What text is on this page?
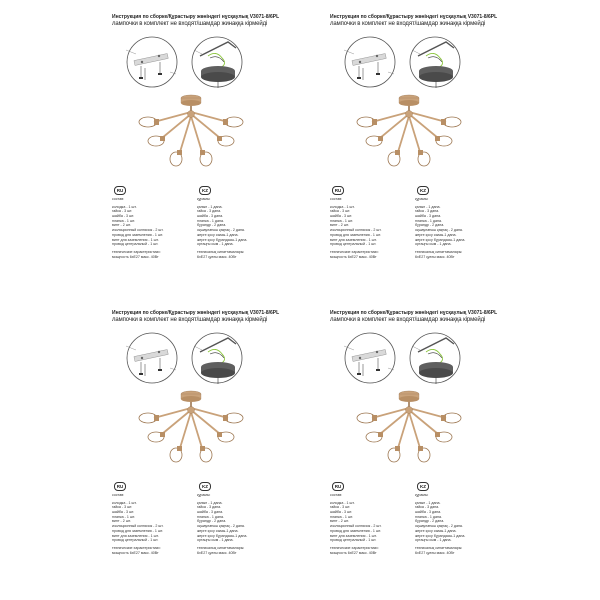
Инструкция по сборке/Құрастыру жөніндегі нұсқаулық V3071-8/6PL
лампочки в комплект не входят/шамдар жинаққа кірмейді
RU	KZ
состав:
колодка - 1 шт.
гайка - 3 шт.
шайба - 3 шт.
планка - 1 шт.
винт - 2 шт.
изоляционный колпачок - 2 шт.
провод для заземления - 1 шт.
винт для заземления - 1 шт.
провод центральный - 1 шт.
технические характеристики:
мощность 6хE27 макс. 40Вт
құрамы:
қалып - 1 дана.
гайка - 3 дана.
шайба - 3 дана.
планка - 1 дана.
бұрандр - 2 дана.
оқшаулағыш қақпақ - 2 дана.
жерге қосу сымы-1 дана.
жерге қосу бұрандасы-1 дана.
ортаңғы сым - 1 дана.
техникалық сипаттамалары:
6хE27 қуаты макс. 40Вт
Инструкция по сборке/Құрастыру жөніндегі нұсқаулық V3071-8/6PL
лампочки в комплект не входят/шамдар жинаққа кірмейді
RU	KZ
состав:
колодка - 1 шт.
гайка - 3 шт.
шайба - 3 шт.
планка - 1 шт.
винт - 2 шт.
изоляционный колпачок - 2 шт.
провод для заземления - 1 шт.
винт для заземления - 1 шт.
провод центральный - 1 шт.
технические характеристики:
мощность 6хE27 макс. 40Вт
құрамы:
қалып - 1 дана.
гайка - 3 дана.
шайба - 3 дана.
планка - 1 дана.
бұрандр - 2 дана.
оқшаулағыш қақпақ - 2 дана.
жерге қосу сымы-1 дана.
жерге қосу бұрандасы-1 дана.
ортаңғы сым - 1 дана.
техникалық сипаттамалары:
6хE27 қуаты макс. 40Вт
Инструкция по сборке/Құрастыру жөніндегі нұсқаулық V3071-8/6PL
лампочки в комплект не входят/шамдар жинаққа кірмейді
RU	KZ
состав:
колодка - 1 шт.
гайка - 3 шт.
шайба - 3 шт.
планка - 1 шт.
винт - 2 шт.
изоляционный колпачок - 2 шт.
провод для заземления - 1 шт.
винт для заземления - 1 шт.
провод центральный - 1 шт.
технические характеристики:
мощность 6хE27 макс. 40Вт
құрамы:
қалып - 1 дана.
гайка - 3 дана.
шайба - 3 дана.
планка - 1 дана.
бұрандр - 2 дана.
оқшаулағыш қақпақ - 2 дана.
жерге қосу сымы-1 дана.
жерге қосу бұрандасы-1 дана.
ортаңғы сым - 1 дана.
техникалық сипаттамалары:
6хE27 қуаты макс. 40Вт
Инструкция по сборке/Құрастыру жөніндегі нұсқаулық V3071-8/6PL
лампочки в комплект не входят/шамдар жинаққа кірмейді
RU	KZ
состав:
колодка - 1 шт.
гайка - 3 шт.
шайба - 3 шт.
планка - 1 шт.
винт - 2 шт.
изоляционный колпачок - 2 шт.
провод для заземления - 1 шт.
винт для заземления - 1 шт.
провод центральный - 1 шт.
технические характеристики:
мощность 6хE27 макс. 40Вт
құрамы:
қалып - 1 дана.
гайка - 3 дана.
шайба - 3 дана.
планка - 1 дана.
бұрандр - 2 дана.
оқшаулағыш қақпақ - 2 дана.
жерге қосу сымы-1 дана.
жерге қосу бұрандасы-1 дана.
ортаңғы сым - 1 дана.
техникалық сипаттамалары:
6хE27 қуаты макс. 40Вт
